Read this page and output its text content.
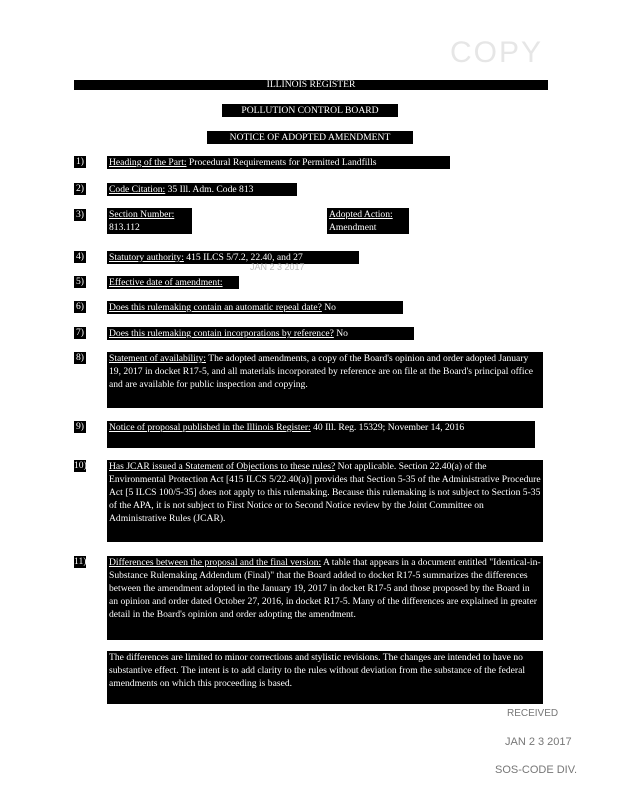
COPY
ILLINOIS REGISTER
POLLUTION CONTROL BOARD
NOTICE OF ADOPTED AMENDMENT
1)	Heading of the Part: Procedural Requirements for Permitted Landfills
2)	Code Citation: 35 Ill. Adm. Code 813
3)	Section Number:
813.112
Adopted Action:
Amendment
4)	Statutory authority: 415 ILCS 5/7.2, 22.40, and 27
JAN 2 3 2017
5)	Effective date of amendment:
6)	Does this rulemaking contain an automatic repeal date? No
7)	Does this rulemaking contain incorporations by reference? No
8)	Statement of availability: The adopted amendments, a copy of the Board's opinion and order adopted January 19, 2017 in docket R17-5, and all materials incorporated by reference are on file at the Board's principal office and are available for public inspection and copying.
9)	Notice of proposal published in the Illinois Register: 40 Ill. Reg. 15329; November 14, 2016
10) Has JCAR issued a Statement of Objections to these rules? Not applicable. Section 22.40(a) of the Environmental Protection Act [415 ILCS 5/22.40(a)] provides that Section 5-35 of the Administrative Procedure Act [5 ILCS 100/5-35] does not apply to this rulemaking. Because this rulemaking is not subject to Section 5-35 of the APA, it is not subject to First Notice or to Second Notice review by the Joint Committee on Administrative Rules (JCAR).
11) Differences between the proposal and the final version: A table that appears in a document entitled "Identical-in-Substance Rulemaking Addendum (Final)" that the Board added to docket R17-5 summarizes the differences between the amendment adopted in the January 19, 2017 in docket R17-5 and those proposed by the Board in an opinion and order dated October 27, 2016, in docket R17-5. Many of the differences are explained in greater detail in the Board's opinion and order adopting the amendment.
The differences are limited to minor corrections and stylistic revisions. The changes are intended to have no substantive effect. The intent is to add clarity to the rules without deviation from the substance of the federal amendments on which this proceeding is based.
RECEIVED
JAN 2 3 2017
SOS-CODE DIV.
